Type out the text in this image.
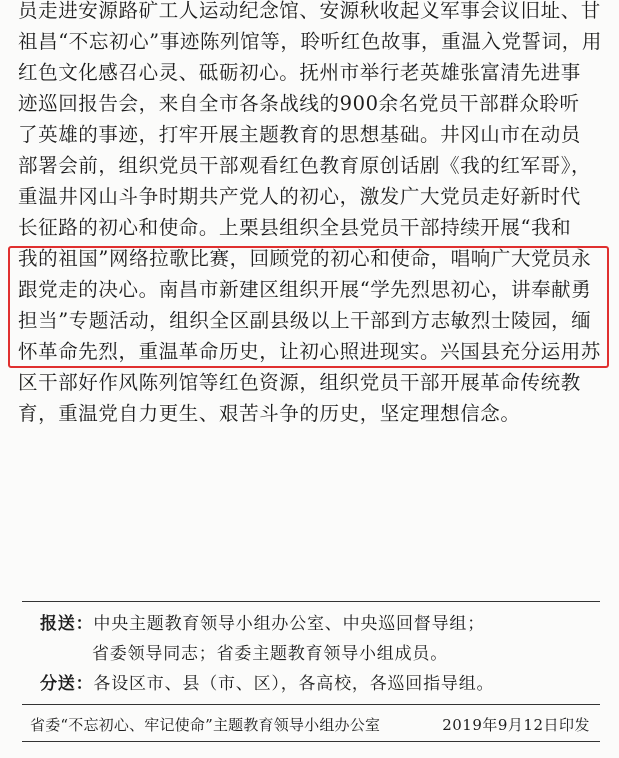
员走进安源路矿工人运动纪念馆、安源秋收起义军事会议旧址、甘
祖昌“不忘初心”事迹陈列馆等，聆听红色故事，重温入党誓词，用
红色文化感召心灵、砥砺初心。抚州市举行老英雄张富清先进事
迹巡回报告会，来自全市各条战线的900余名党员干部群众聆听
了英雄的事迹，打牢开展主题教育的思想基础。井冈山市在动员
部署会前，组织党员干部观看红色教育原创话剧《我的红军哥》，
重温井冈山斗争时期共产党人的初心，激发广大党员走好新时代
长征路的初心和使命。上栗县组织全县党员干部持续开展“我和
我的祖国”网络拉歌比赛，回顾党的初心和使命，唱响广大党员永
跟党走的决心。南昌市新建区组织开展“学先烈思初心，讲奉献勇
担当”专题活动，组织全区副县级以上干部到方志敏烈士陵园，缅
怀革命先烈，重温革命历史，让初心照进现实。兴国县充分运用苏
区干部好作风陈列馆等红色资源，组织党员干部开展革命传统教
育，重温党自力更生、艰苦斗争的历史，坚定理想信念。
报送：中央主题教育领导小组办公室、中央巡回督导组；
省委领导同志；省委主题教育领导小组成员。
分送：各设区市、县（市、区），各高校，各巡回指导组。
省委“不忘初心、牢记使命”主题教育领导小组办公室	2019年9月12日印发
